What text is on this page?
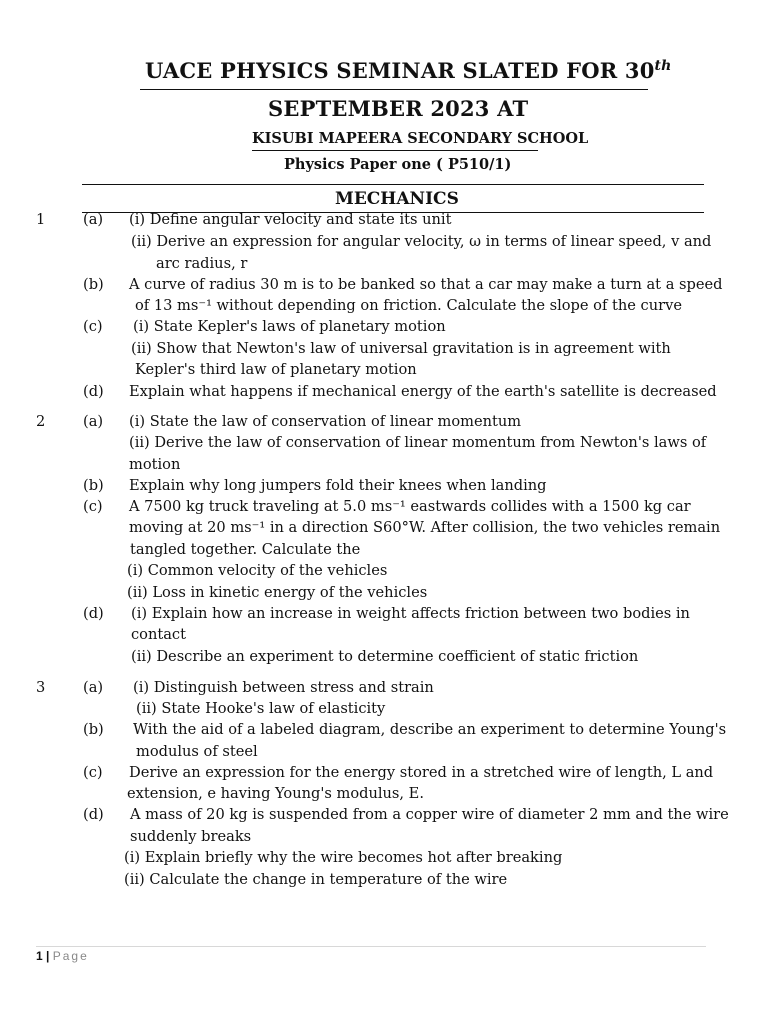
UACE PHYSICS SEMINAR SLATED FOR 30th
SEPTEMBER 2023 AT
KISUBI MAPEERA SECONDARY SCHOOL
Physics Paper one ( P510/1)
MECHANICS
1	(a) (i) Define angular velocity and state its unit
(ii) Derive an expression for angular velocity, ω in terms of linear speed, v and
arc radius, r
(b) A curve of radius 30 m is to be banked so that a car may make a turn at a speed
of 13 ms⁻¹ without depending on friction. Calculate the slope of the curve
(c) (i) State Kepler's laws of planetary motion
(ii) Show that Newton's law of universal gravitation is in agreement with
Kepler's third law of planetary motion
(d) Explain what happens if mechanical energy of the earth's satellite is decreased
2	(a) (i) State the law of conservation of linear momentum
(ii) Derive the law of conservation of linear momentum from Newton's laws of
motion
(b) Explain why long jumpers fold their knees when landing
(c) A 7500 kg truck traveling at 5.0 ms⁻¹ eastwards collides with a 1500 kg car
moving at 20 ms⁻¹ in a direction S60°W. After collision, the two vehicles remain
tangled together. Calculate the
(i) Common velocity of the vehicles
(ii) Loss in kinetic energy of the vehicles
(d) (i) Explain how an increase in weight affects friction between two bodies in
contact
(ii) Describe an experiment to determine coefficient of static friction
3	(a) (i) Distinguish between stress and strain
(ii) State Hooke's law of elasticity
(b) With the aid of a labeled diagram, describe an experiment to determine Young's
modulus of steel
(c) Derive an expression for the energy stored in a stretched wire of length, L and
extension, e having Young's modulus, E.
(d) A mass of 20 kg is suspended from a copper wire of diameter 2 mm and the wire
suddenly breaks
(i) Explain briefly why the wire becomes hot after breaking
(ii) Calculate the change in temperature of the wire
1 | Page
